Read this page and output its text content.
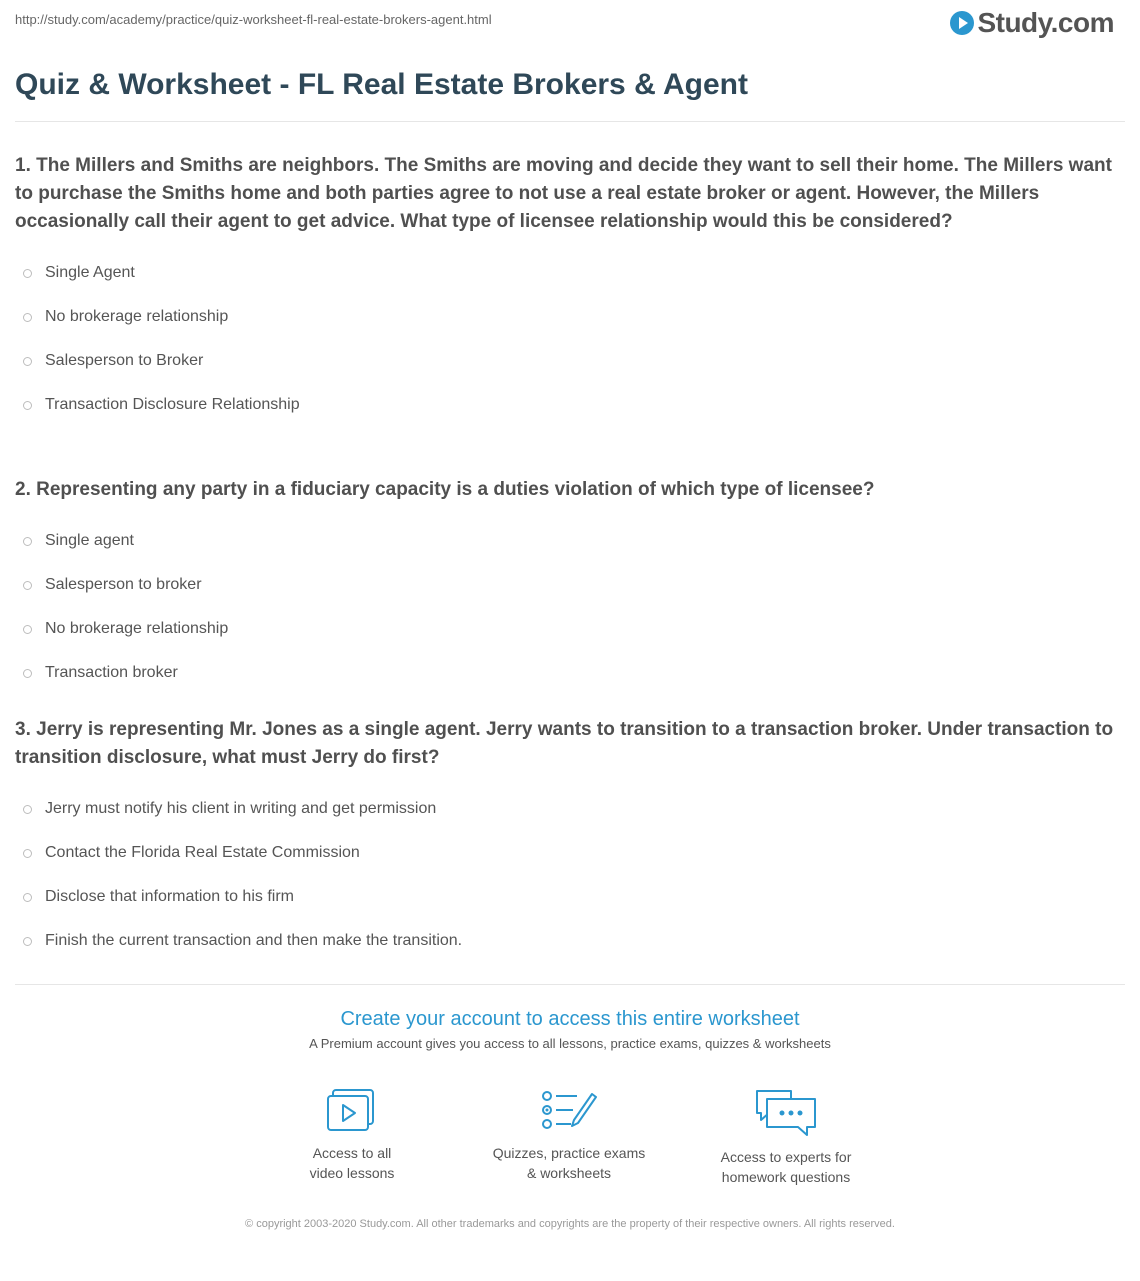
http://study.com/academy/practice/quiz-worksheet-fl-real-estate-brokers-agent.html	Study.com
Quiz & Worksheet - FL Real Estate Brokers & Agent

1. The Millers and Smiths are neighbors. The Smiths are moving and decide they want to sell their home. The Millers want to purchase the Smiths home and both parties agree to not use a real estate broker or agent. However, the Millers occasionally call their agent to get advice. What type of licensee relationship would this be considered?

Single Agent
No brokerage relationship
Salesperson to Broker
Transaction Disclosure Relationship

2. Representing any party in a fiduciary capacity is a duties violation of which type of licensee?

Single agent
Salesperson to broker
No brokerage relationship
Transaction broker

3. Jerry is representing Mr. Jones as a single agent. Jerry wants to transition to a transaction broker. Under transaction to transition disclosure, what must Jerry do first?

Jerry must notify his client in writing and get permission
Contact the Florida Real Estate Commission
Disclose that information to his firm
Finish the current transaction and then make the transition.
Create your account to access this entire worksheet
A Premium account gives you access to all lessons, practice exams, quizzes & worksheets
Access to all
video lessons
Quizzes, practice exams
& worksheets
Access to experts for
homework questions
© copyright 2003-2020 Study.com. All other trademarks and copyrights are the property of their respective owners. All rights reserved.
